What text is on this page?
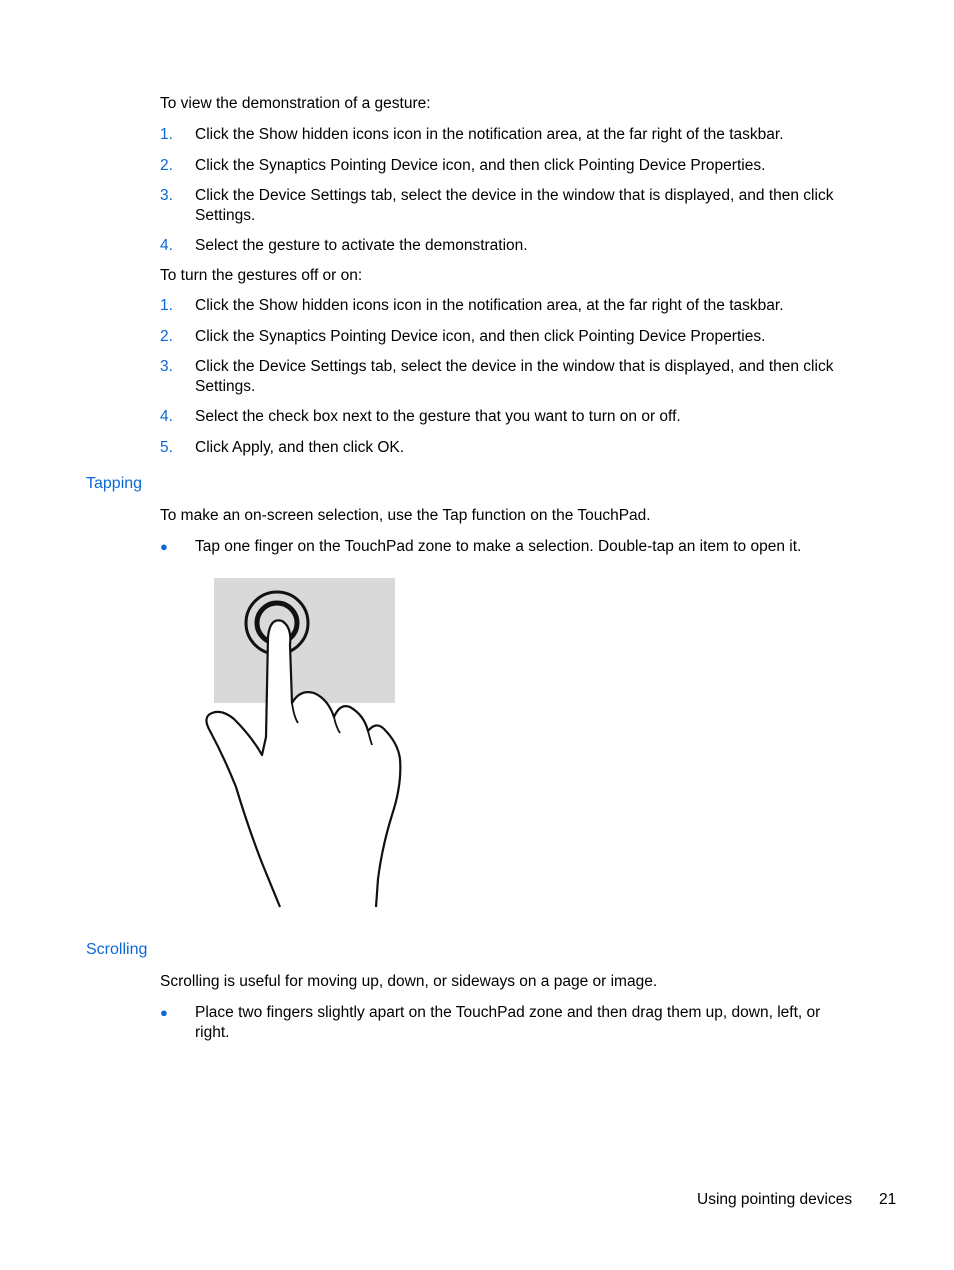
To view the demonstration of a gesture:

1.	Click the Show hidden icons icon in the notification area, at the far right of the taskbar.
2.	Click the Synaptics Pointing Device icon, and then click Pointing Device Properties.
3.	Click the Device Settings tab, select the device in the window that is displayed, and then click Settings.
4.	Select the gesture to activate the demonstration.

To turn the gestures off or on:

1.	Click the Show hidden icons icon in the notification area, at the far right of the taskbar.
2.	Click the Synaptics Pointing Device icon, and then click Pointing Device Properties.
3.	Click the Device Settings tab, select the device in the window that is displayed, and then click Settings.
4.	Select the check box next to the gesture that you want to turn on or off.
5.	Click Apply, and then click OK.
Tapping

To make an on-screen selection, use the Tap function on the TouchPad.

● Tap one finger on the TouchPad zone to make a selection. Double-tap an item to open it.
Scrolling

Scrolling is useful for moving up, down, or sideways on a page or image.

● Place two fingers slightly apart on the TouchPad zone and then drag them up, down, left, or right.
Using pointing devices 21
